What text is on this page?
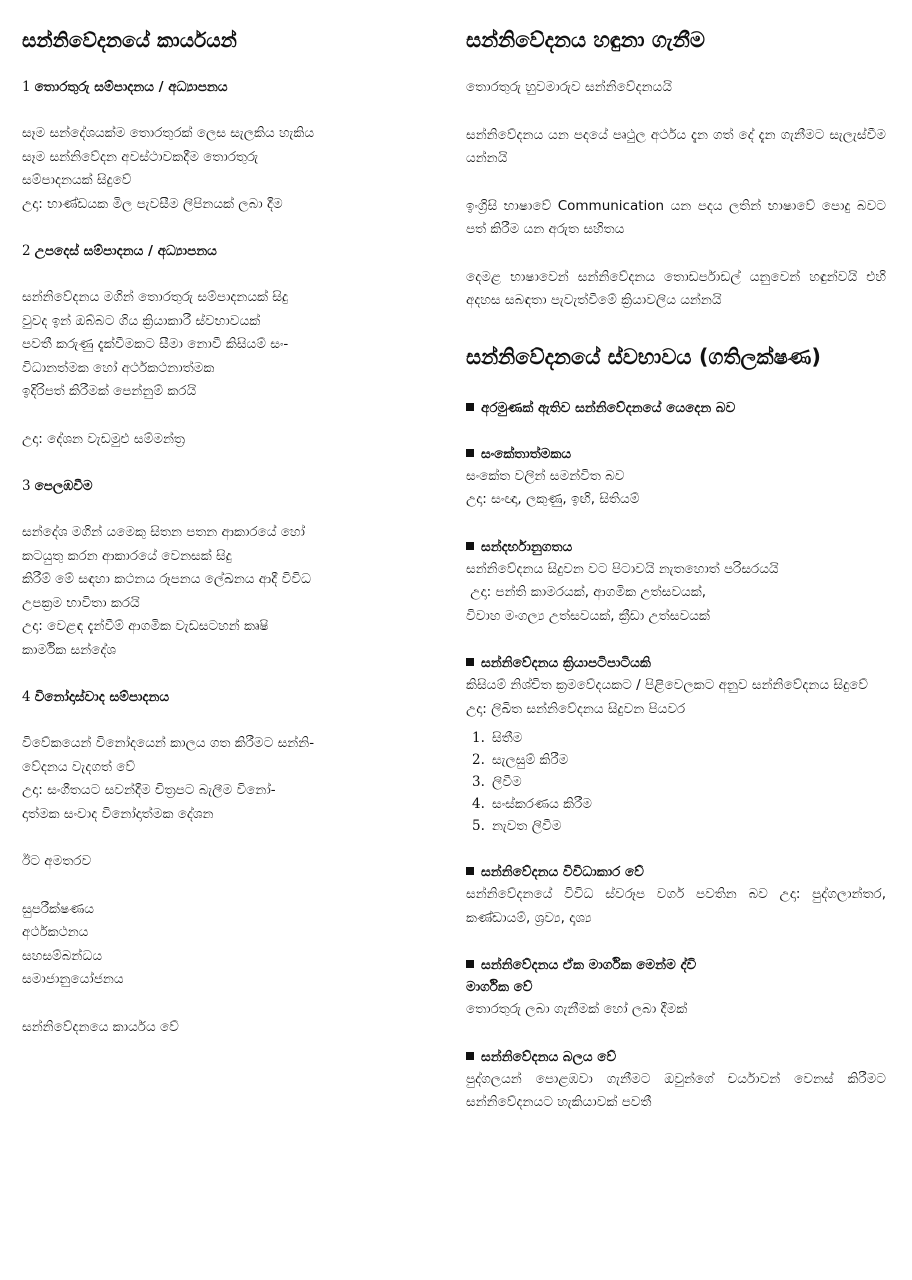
සන්නිවේදනයේ කාර්යයන්
1 තොරතුරු සම්පාදනය / අධ්‍යාපනය

සෑම සන්දේශයක්ම තොරතුරක් ලෙස සැලකිය හැකිය

සෑම සන්නිවේදන අවස්ථාවකදීම තොරතුරු

සම්පාදනයක් සිදුවේ

උදා: භාණ්ඩයක මිල පැවසීම ලිපිනයක් ලබා දීම

2 උපදෙස් සම්පාදනය / අධ්‍යාපනය

සන්නිවේදනය මගින් තොරතුරු සම්පාදනයක් සිදු

වුවද ඉන් ඔබ්බට ගිය ක්‍රියාකාරී ස්වභාවයක්

පවතී කරුණු දැක්වීමකට සීමා නොවී කිසියම් සං-

විධානත්මක හෝ අර්ථකථනාත්මක

ඉදිරිපත් කිරීමක් පෙන්නුම් කරයි

උදා: දේශන වැඩමුළු සම්මන්ත්‍ර

3 පෙලඹවීම

සන්දේශ මගින් යමෙකු සිතන පතන ආකාරයේ හෝ

කටයුතු කරන ආකාරයේ වෙනසක් සිදු

කිරීම් මේ සඳහා කථනය රූපනය ලේඛනය ආදී විවිධ

උපක්‍රම භාවිතා කරයි

උදා: වෙළඳ දැන්වීම් ආගමික වැඩසටහන් කෘෂි

කාර්මික සන්දේශ

4 විනෝදාස්වාද සම්පාදනය

විවේකයෙන් විනෝදයෙන් කාලය ගත කිරීමට සන්නි-

වේදනය වැදගත් වේ

උදා: සංගීතයට සවන්දීම චිත්‍රපට බැලීම විනෝ-

දාත්මක සංවාද විනෝදාත්මක දේශන

ඊට අමතරව

සුපරීක්ෂණය
අර්ථකථනය
සහසම්බන්ධය
සමාජානුයෝජනය

සන්නිවේදනයෙ කාර්යය වේ

සන්නිවේදනය හඳුනා ගැනීම

තොරතුරු හුවමාරුව සන්නිවේදනයයි

සන්නිවේදනය යන පදයේ පෘථුල අර්ථය දැන ගත් දේ දැන ගැනීමට සැලැස්වීම යන්නයි

ඉංග්‍රිසි භාෂාවේ Communication යන පදය ලතින් භාෂාවේ පොදු බවට පත් කිරීම යන අරුත සහිතය

දෙමළ භාෂාවෙන් සන්නිවේදනය තොඩර්පාඩල් යනුවෙන් හඳුන්වයි එහි අදහස සබඳතා පැවැත්වීමේ ක්‍රියාවලිය යන්නයි

සන්නිවේදනයේ ස්වභාවය (ගතිලක්ෂණ)
අරමුණක් ඇතිව සන්නිවේදනයේ යෙදෙන බව
සංකේතාත්මකය

සංකේත වලින් සමන්විත බව

උදා: සංඥා, ලකුණු, ඉඟි, සිතියම්

සන්දර්භානුගතය

සන්නිවේදනය සිදුවන වට පිටාවයි නැතහොත් පරිසරයයි

උදා: පන්ති කාමරයක්, ආගමික උත්සවයක්,

විවාහ මංගල්‍ය උත්සවයක්, ක්‍රීඩා උත්සවයක්

සන්නිවේදනය ක්‍රියාපටිපාටියකි

කිසියම් නිශ්චිත ක්‍රමවේදයකට / පිළිවෙලකට අනුව සන්නිවේදනය සිදුවේ

උදා: ලිඛිත සන්නිවේදනය සිදුවන පියවර

1. සිතීම
2. සැලසුම් කිරීම
3. ලිවීම
4. සංස්කරණය කිරීම
5. නැවත ලිවීම
සන්නිවේදනය විවිධාකාර වේ

සන්නිවේදනයේ විවිධ ස්වරූප වර්ග පවතින බව උදා: පුද්ගලාන්තර, කණ්ඩායම්, ශ්‍රව්‍ය, දෘශ්‍ය

සන්නිවේදනය ඒක මාර්ගික මෙන්ම ද්වි
මාර්ගික වේ

තොරතුරු ලබා ගැනීමක් හෝ ලබා දීමක්

සන්නිවේදනය බලය වේ

පුද්ගලයන් පොළඹවා ගැනීමට ඔවුන්ගේ චර්යාවන් වෙනස් කිරීමට සන්නිවේදනයට හැකියාවක් පවතී
